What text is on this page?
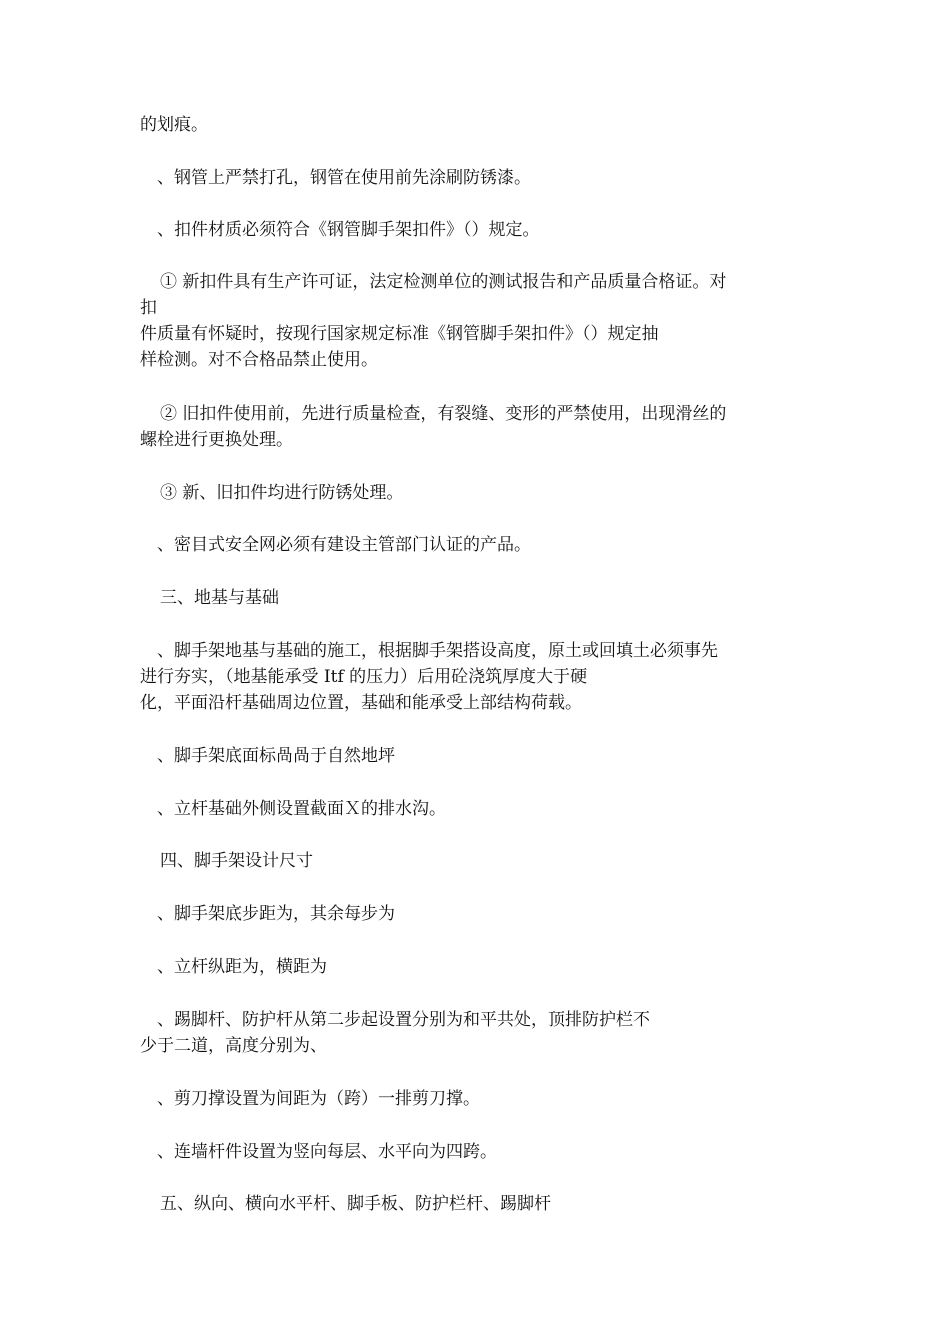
的划痕。

　、钢管上严禁打孔，钢管在使用前先涂刷防锈漆。

　、扣件材质必须符合《钢管脚手架扣件》（）规定。

① 新扣件具有生产许可证，法定检测单位的测试报告和产品质量合格证。对
扣
件质量有怀疑时，按现行国家规定标准《钢管脚手架扣件》（）规定抽
样检测。对不合格品禁止使用。

② 旧扣件使用前，先进行质量检查，有裂缝、变形的严禁使用，出现滑丝的
螺栓进行更换处理。

③ 新、旧扣件均进行防锈处理。

　、密目式安全网必须有建设主管部门认证的产品。

三、地基与基础

　、脚手架地基与基础的施工，根据脚手架搭设高度，原土或回填土必须事先
进行夯实，（地基能承受 Itf 的压力）后用砼浇筑厚度大于硬
化，平面沿杆基础周边位置，基础和能承受上部结构荷载。

　、脚手架底面标咼咼于自然地坪

　、立杆基础外侧设置截面Ｘ的排水沟。

四、脚手架设计尺寸

　、脚手架底步距为，其余每步为

　、立杆纵距为，横距为

　、踢脚杆、防护杆从第二步起设置分别为和平共处，顶排防护栏不
少于二道，高度分别为、

　、剪刀撑设置为间距为（跨）一排剪刀撑。

　、连墙杆件设置为竖向每层、水平向为四跨。

五、纵向、横向水平杆、脚手板、防护栏杆、踢脚杆
